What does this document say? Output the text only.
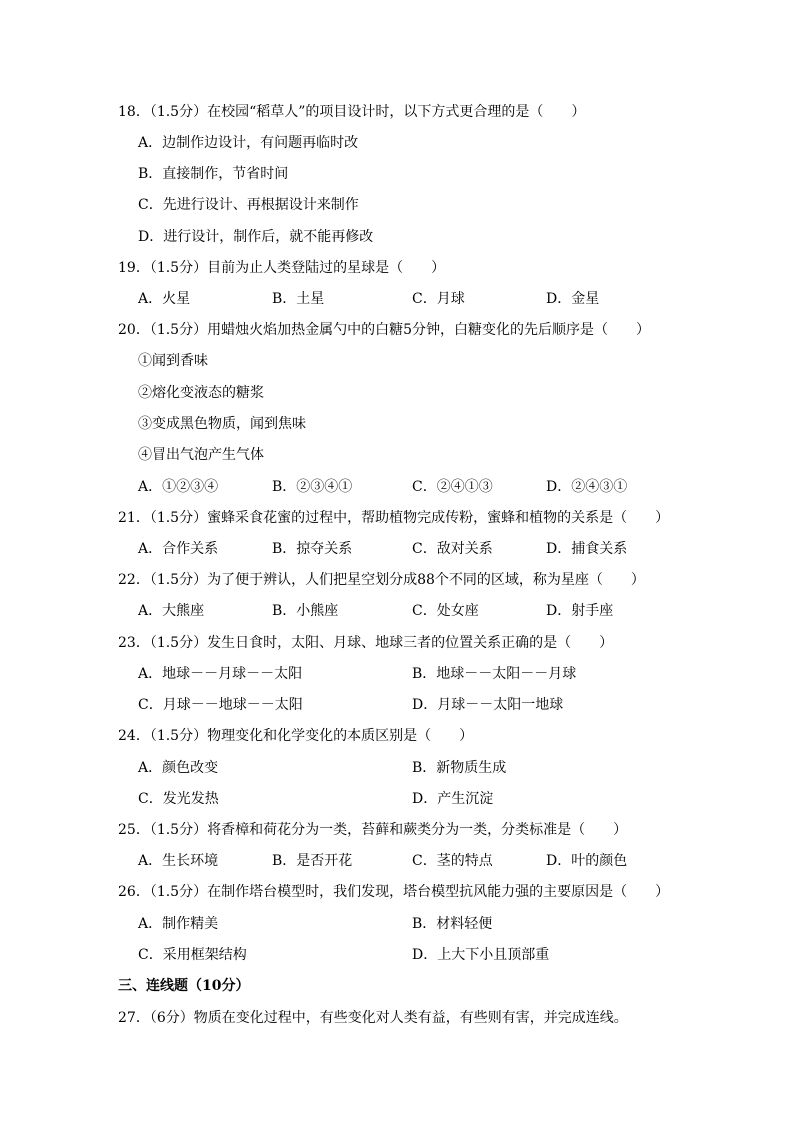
18．（1.5分）在校园“稻草人”的项目设计时，以下方式更合理的是（　　）
A．边制作边设计，有问题再临时改
B．直接制作，节省时间
C．先进行设计、再根据设计来制作
D．进行设计，制作后，就不能再修改
19．（1.5分）目前为止人类登陆过的星球是（　　）
A．火星	B．土星	C．月球	D．金星
20．（1.5分）用蜡烛火焰加热金属勺中的白糖5分钟，白糖变化的先后顺序是（　　）
①闻到香味
②熔化变液态的糖浆
③变成黑色物质，闻到焦味
④冒出气泡产生气体
A．①②③④	B．②③④①	C．②④①③	D．②④③①
21．（1.5分）蜜蜂采食花蜜的过程中，帮助植物完成传粉，蜜蜂和植物的关系是（　　）
A．合作关系	B．掠夺关系	C．敌对关系	D．捕食关系
22．（1.5分）为了便于辨认，人们把星空划分成88个不同的区域，称为星座（　　）
A．大熊座	B．小熊座	C．处女座	D．射手座
23．（1.5分）发生日食时，太阳、月球、地球三者的位置关系正确的是（　　）
A．地球－－月球－－太阳	B．地球－－太阳－－月球
C．月球－－地球－－太阳	D．月球－－太阳一地球
24．（1.5分）物理变化和化学变化的本质区别是（　　）
A．颜色改变	B．新物质生成
C．发光发热	D．产生沉淀
25．（1.5分）将香樟和荷花分为一类，苔藓和蕨类分为一类，分类标准是（　　）
A．生长环境	B．是否开花	C．茎的特点	D．叶的颜色
26．（1.5分）在制作塔台模型时，我们发现，塔台模型抗风能力强的主要原因是（　　）
A．制作精美	B．材料轻便
C．采用框架结构	D．上大下小且顶部重
三、连线题（10分）
27．（6分）物质在变化过程中，有些变化对人类有益，有些则有害，并完成连线。
